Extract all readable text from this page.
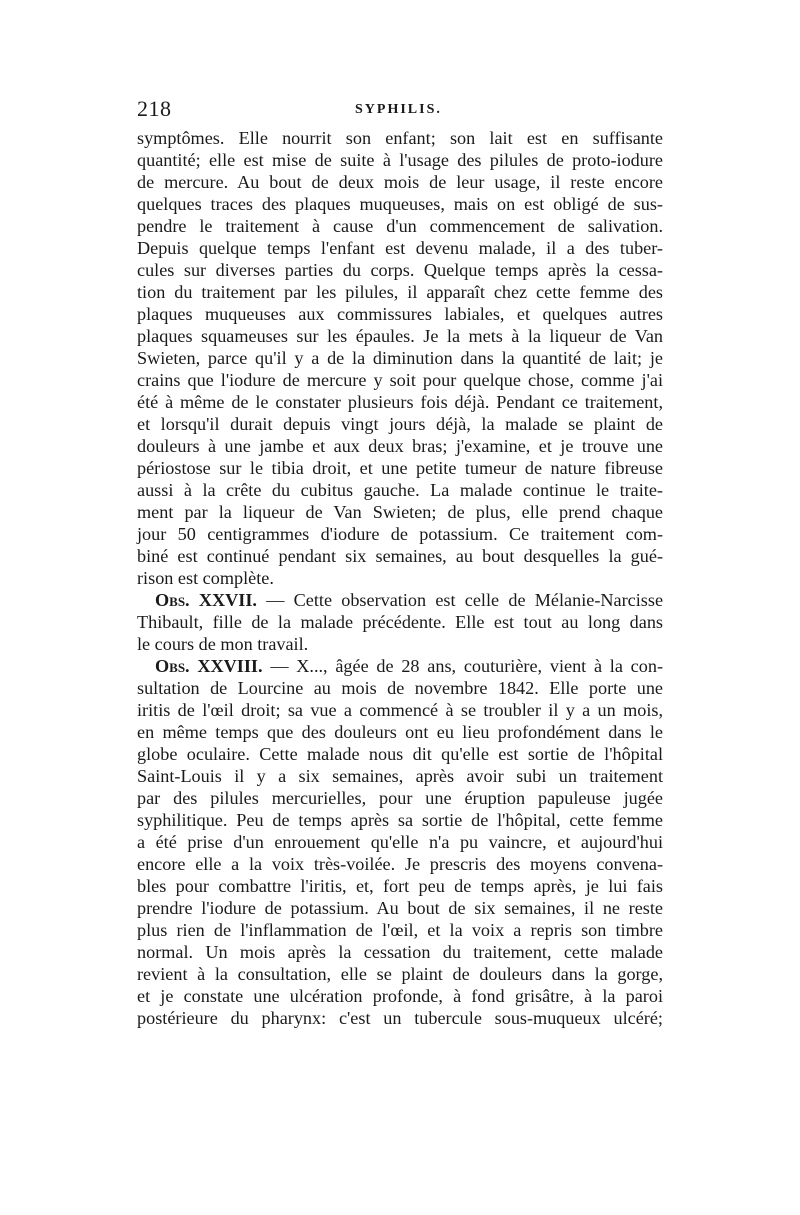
218	SYPHILIS.
symptômes. Elle nourrit son enfant; son lait est en suffisante
quantité; elle est mise de suite à l'usage des pilules de proto-iodure
de mercure. Au bout de deux mois de leur usage, il reste encore
quelques traces des plaques muqueuses, mais on est obligé de sus-
pendre le traitement à cause d'un commencement de salivation.
Depuis quelque temps l'enfant est devenu malade, il a des tuber-
cules sur diverses parties du corps. Quelque temps après la cessa-
tion du traitement par les pilules, il apparaît chez cette femme des
plaques muqueuses aux commissures labiales, et quelques autres
plaques squameuses sur les épaules. Je la mets à la liqueur de Van
Swieten, parce qu'il y a de la diminution dans la quantité de lait; je
crains que l'iodure de mercure y soit pour quelque chose, comme j'ai
été à même de le constater plusieurs fois déjà. Pendant ce traitement,
et lorsqu'il durait depuis vingt jours déjà, la malade se plaint de
douleurs à une jambe et aux deux bras; j'examine, et je trouve une
périostose sur le tibia droit, et une petite tumeur de nature fibreuse
aussi à la crête du cubitus gauche. La malade continue le traite-
ment par la liqueur de Van Swieten; de plus, elle prend chaque
jour 50 centigrammes d'iodure de potassium. Ce traitement com-
biné est continué pendant six semaines, au bout desquelles la gué-
rison est complète.
Obs. XXVII. — Cette observation est celle de Mélanie-Narcisse
Thibault, fille de la malade précédente. Elle est tout au long dans
le cours de mon travail.
Obs. XXVIII. — X..., âgée de 28 ans, couturière, vient à la con-
sultation de Lourcine au mois de novembre 1842. Elle porte une
iritis de l'œil droit; sa vue a commencé à se troubler il y a un mois,
en même temps que des douleurs ont eu lieu profondément dans le
globe oculaire. Cette malade nous dit qu'elle est sortie de l'hôpital
Saint-Louis il y a six semaines, après avoir subi un traitement
par des pilules mercurielles, pour une éruption papuleuse jugée
syphilitique. Peu de temps après sa sortie de l'hôpital, cette femme
a été prise d'un enrouement qu'elle n'a pu vaincre, et aujourd'hui
encore elle a la voix très-voilée. Je prescris des moyens convena-
bles pour combattre l'iritis, et, fort peu de temps après, je lui fais
prendre l'iodure de potassium. Au bout de six semaines, il ne reste
plus rien de l'inflammation de l'œil, et la voix a repris son timbre
normal. Un mois après la cessation du traitement, cette malade
revient à la consultation, elle se plaint de douleurs dans la gorge,
et je constate une ulcération profonde, à fond grisâtre, à la paroi
postérieure du pharynx: c'est un tubercule sous-muqueux ulcéré;
